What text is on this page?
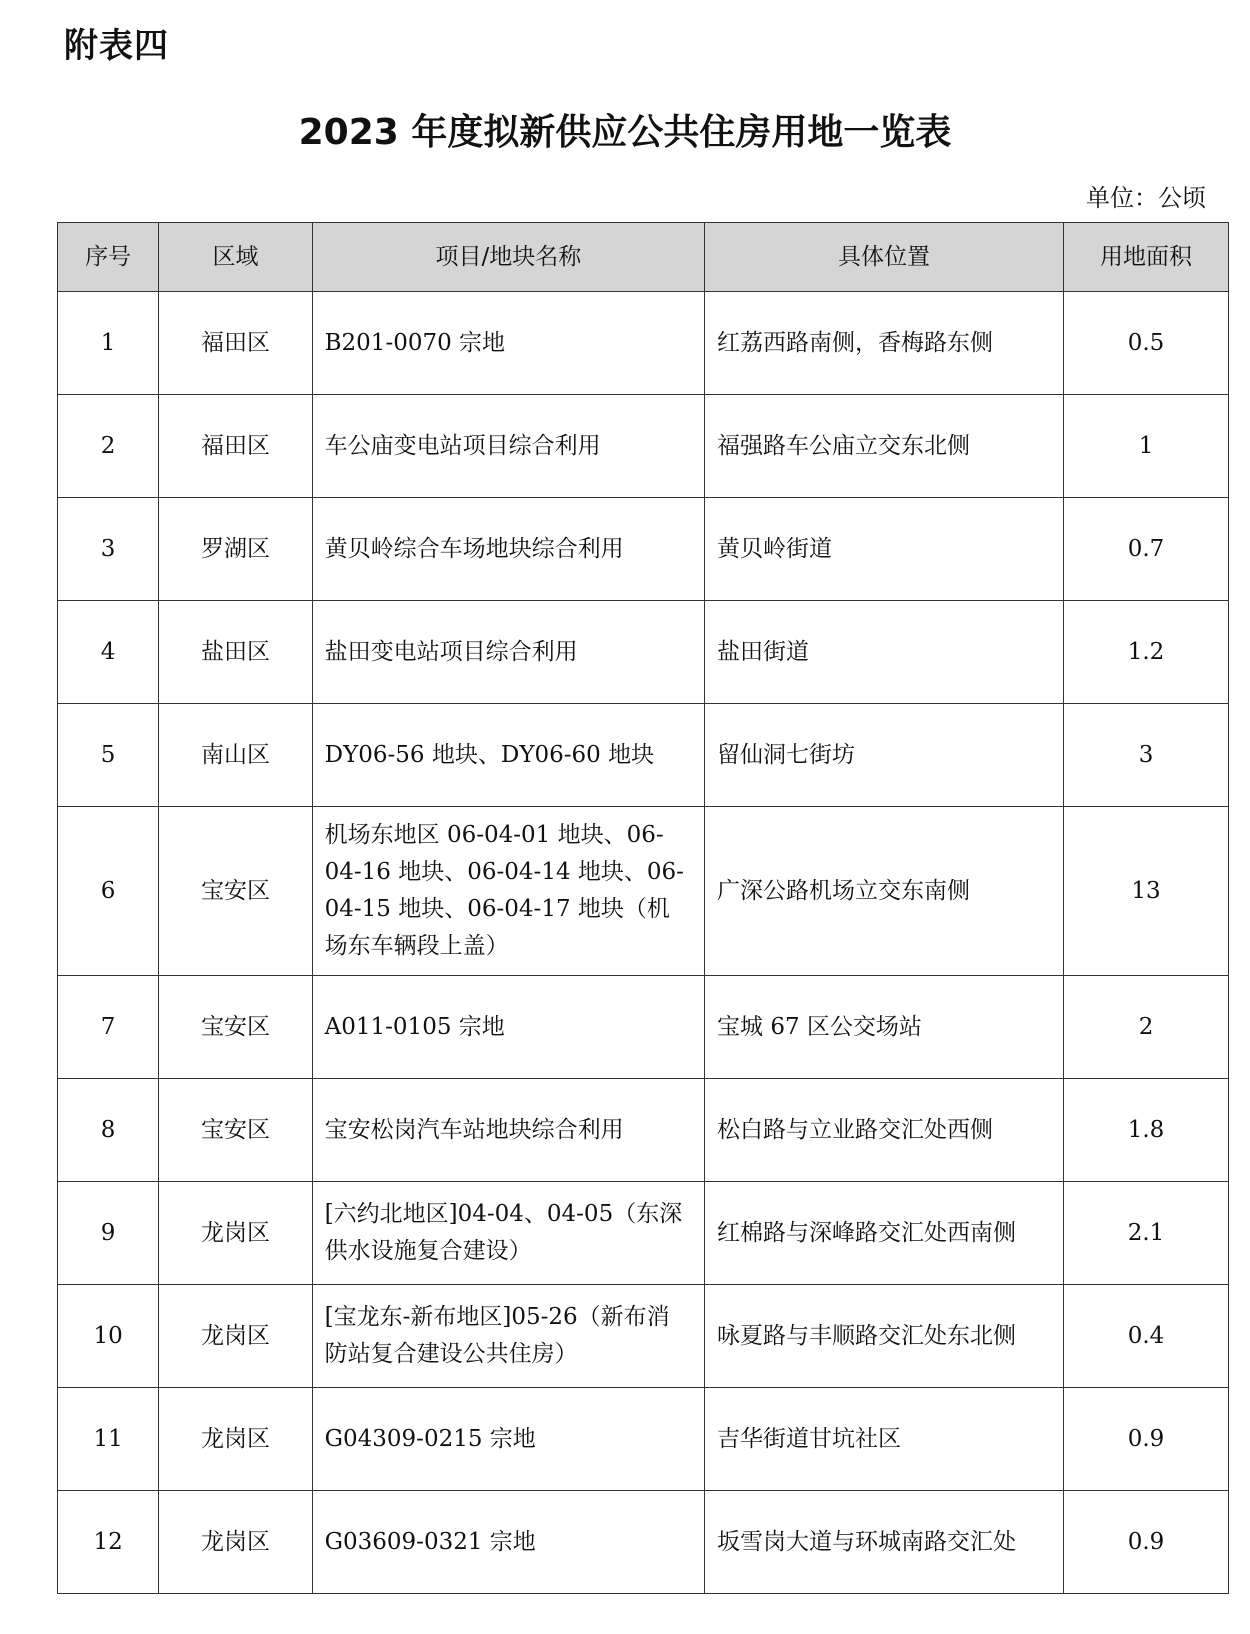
附表四
2023 年度拟新供应公共住房用地一览表
单位：公顷
序号	区域	项目/地块名称	具体位置	用地面积
1	福田区	B201-0070 宗地	红荔西路南侧，香梅路东侧	0.5
2	福田区	车公庙变电站项目综合利用	福强路车公庙立交东北侧	1
3	罗湖区	黄贝岭综合车场地块综合利用	黄贝岭街道	0.7
4	盐田区	盐田变电站项目综合利用	盐田街道	1.2
5	南山区	DY06-56 地块、DY06-60 地块	留仙洞七街坊	3
6	宝安区	机场东地区 06-04-01 地块、06-04-16 地块、06-04-14 地块、06-04-15 地块、06-04-17 地块（机场东车辆段上盖）	广深公路机场立交东南侧	13
7	宝安区	A011-0105 宗地	宝城 67 区公交场站	2
8	宝安区	宝安松岗汽车站地块综合利用	松白路与立业路交汇处西侧	1.8
9	龙岗区	[六约北地区]04-04、04-05（东深供水设施复合建设）	红棉路与深峰路交汇处西南侧	2.1
10	龙岗区	[宝龙东-新布地区]05-26（新布消防站复合建设公共住房）	咏夏路与丰顺路交汇处东北侧	0.4
11	龙岗区	G04309-0215 宗地	吉华街道甘坑社区	0.9
12	龙岗区	G03609-0321 宗地	坂雪岗大道与环城南路交汇处	0.9
